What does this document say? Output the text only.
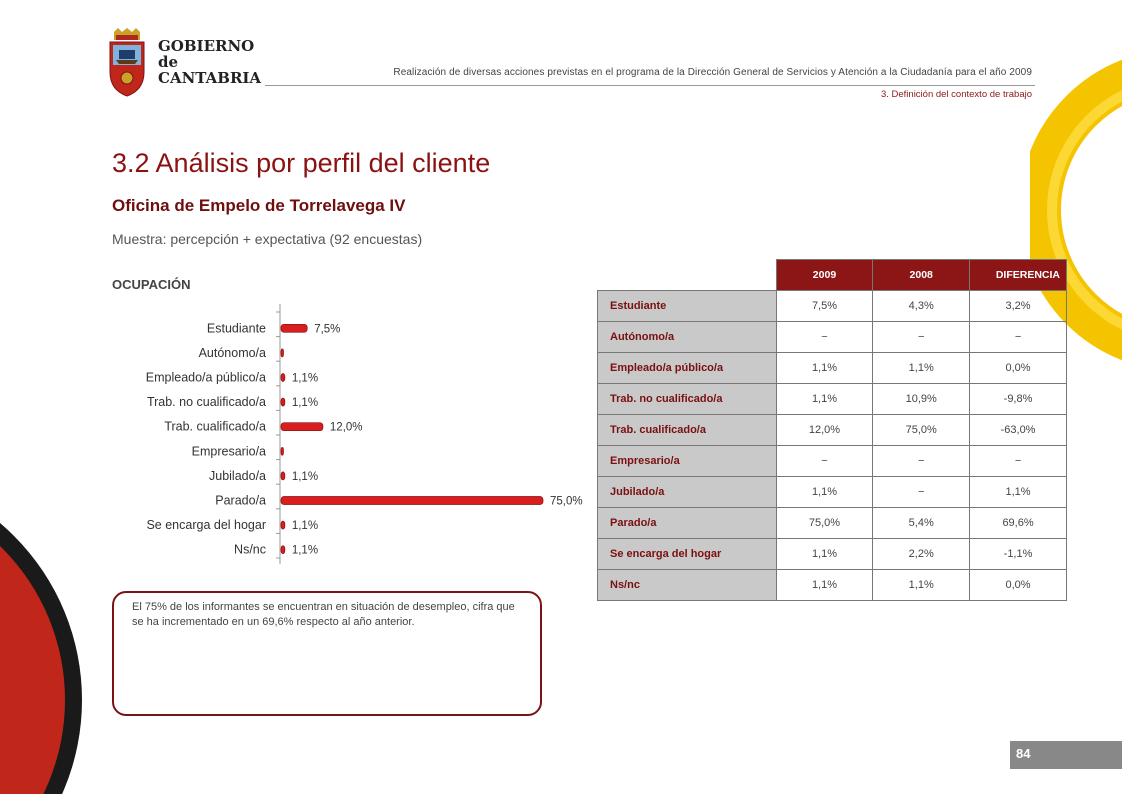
GOBIERNO
de
CANTABRIA	Realización de diversas acciones previstas en el programa de la Dirección General de Servicios y Atención a la Ciudadanía para el año 2009
3. Definición del contexto de trabajo
3.2 Análisis por perfil del cliente
Oficina de Empelo de Torrelavega IV
Muestra: percepción + expectativa (92 encuestas)
OCUPACIÓN
Estudiante	7,5%
Autónomo/a
Empleado/a público/a 1,1%
Trab. no cualificado/a 1,1%
Trab. cualificado/a	12,0%
Empresario/a
Jubilado/a 1,1%
Parado/a	75,0%
Se encarga del hogar 1,1%
Ns/nc 1,1%
El 75% de los informantes se encuentran en situación de desempleo, cifra que se ha incrementado en un 69,6% respecto al año anterior.
	2009	2008	DIFERENCIA
Estudiante	7,5%	4,3%	3,2%
Autónomo/a	−	−	−
Empleado/a público/a	1,1%	1,1%	0,0%
Trab. no cualificado/a	1,1%	10,9%	-9,8%
Trab. cualificado/a	12,0%	75,0%	-63,0%
Empresario/a	−	−	−
Jubilado/a	1,1%	−	1,1%
Parado/a	75,0%	5,4%	69,6%
Se encarga del hogar	1,1%	2,2%	-1,1%
Ns/nc	1,1%	1,1%	0,0%
84
